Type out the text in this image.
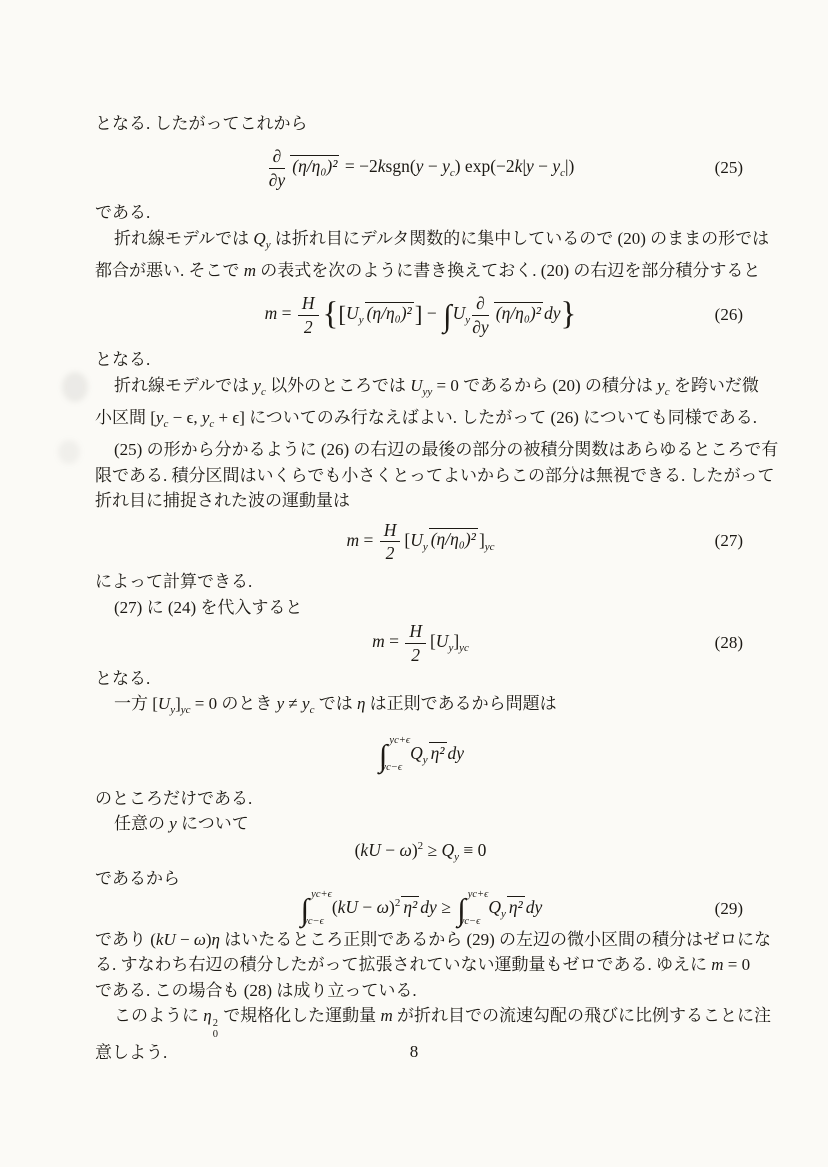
となる. したがってこれから
$\frac{\partial}{\partial y} (\eta/\eta_0)^2$ = −2ksgn(y − $y_c$) $\exp(-2k|y - y_c|)$	(25)
である.
折れ線モデルでは $Q_y$ は折れ目にデルタ関数的に集中しているので (20) のままの形では
都合が悪い. そこで m の表式を次のように書き換えておく. (20) の右辺を部分積分すると
$m = \frac{H}{2} \{[U_y$ (η/η₀)² ] − $\int U_y \frac{\partial}{\partial y} (\eta/\eta_0)^2$ dy}	(26)
となる.
折れ線モデルでは $y_c$ 以外のところでは $U_{yy} = 0$ であるから (20) の積分は $y_c$ を跨いだ微
小区間 [$y_c - \epsilon$, $y_c + \epsilon$] についてのみ行なえばよい. したがって (26) についても同様である.
(25) の形から分かるように (26) の右辺の最後の部分の被積分関数はあらゆるところで有
限である. 積分区間はいくらでも小さくとってよいからこの部分は無視できる. したがって
折れ目に捕捉された波の運動量は
$m = \frac{H}{2} [U_y$ (η/η₀)² ]$_{yc}$	(27)
によって計算できる.
(27) に (24) を代入すると
$m = \frac{H}{2} [U_y]_{yc}$	(28)
となる.
一方 $[U_y]_{yc} = 0$ のとき $y \ne y_c$ では η は正則であるから問題は
∫ yc+ϵ
yc−ϵ
$Q_y$ η² dy
のところだけである.
任意の y について
$(kU - \omega)^2 \ge Q_y \equiv 0$
であるから
∫ yc+ϵ
yc−ϵ
(kU − ω)$^2$ η² dy ≥ ∫ yc+ϵ
yc−ϵ
$Q_y$ η² dy	(29)
であり (kU − ω)η はいたるところ正則であるから (29) の左辺の微小区間の積分はゼロにな
る. すなわち右辺の積分したがって拡張されていない運動量もゼロである. ゆえに m = 0
である. この場合も (28) は成り立っている.
このように η 2
0
で規格化した運動量 m が折れ目での流速勾配の飛びに比例することに注
意しよう.	8
